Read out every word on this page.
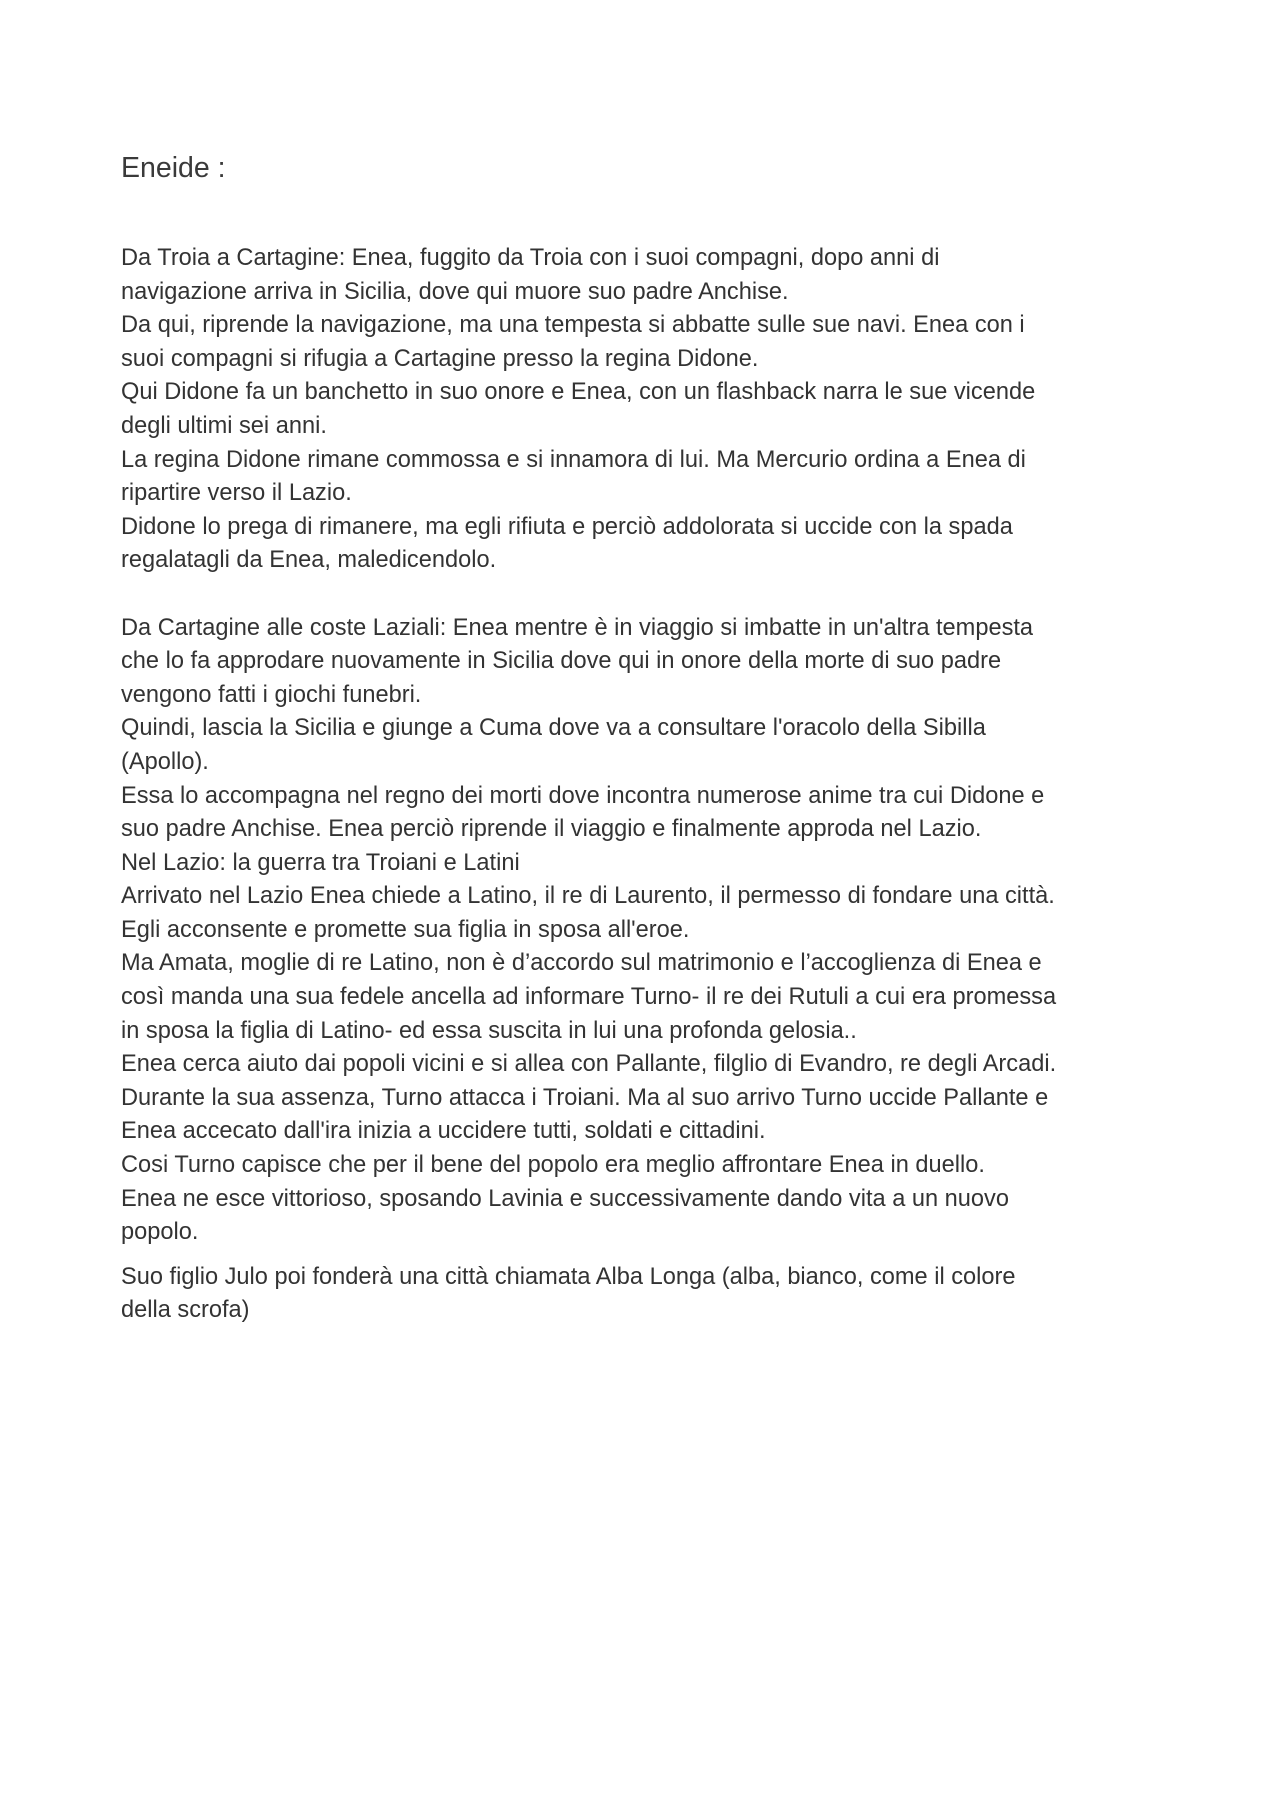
Eneide :
Da Troia a Cartagine: Enea, fuggito da Troia con i suoi compagni, dopo anni di
navigazione arriva in Sicilia, dove qui muore suo padre Anchise.
Da qui, riprende la navigazione, ma una tempesta si abbatte sulle sue navi. Enea con i
suoi compagni si rifugia a Cartagine presso la regina Didone.
Qui Didone fa un banchetto in suo onore e Enea, con un flashback narra le sue vicende
degli ultimi sei anni.
La regina Didone rimane commossa e si innamora di lui. Ma Mercurio ordina a Enea di
ripartire verso il Lazio.
Didone lo prega di rimanere, ma egli rifiuta e perciò addolorata si uccide con la spada
regalatagli da Enea, maledicendolo.
Da Cartagine alle coste Laziali: Enea mentre è in viaggio si imbatte in un'altra tempesta
che lo fa approdare nuovamente in Sicilia dove qui in onore della morte di suo padre
vengono fatti i giochi funebri.
Quindi, lascia la Sicilia e giunge a Cuma dove va a consultare l'oracolo della Sibilla
(Apollo).
Essa lo accompagna nel regno dei morti dove incontra numerose anime tra cui Didone e
suo padre Anchise. Enea perciò riprende il viaggio e finalmente approda nel Lazio.
Nel Lazio: la guerra tra Troiani e Latini
Arrivato nel Lazio Enea chiede a Latino, il re di Laurento, il permesso di fondare una città.
Egli acconsente e promette sua figlia in sposa all'eroe.
Ma Amata, moglie di re Latino, non è d’accordo sul matrimonio e l’accoglienza di Enea e
così manda una sua fedele ancella ad informare Turno- il re dei Rutuli a cui era promessa
in sposa la figlia di Latino- ed essa suscita in lui una profonda gelosia..
Enea cerca aiuto dai popoli vicini e si allea con Pallante, filglio di Evandro, re degli Arcadi.
Durante la sua assenza, Turno attacca i Troiani. Ma al suo arrivo Turno uccide Pallante e
Enea accecato dall'ira inizia a uccidere tutti, soldati e cittadini.
Cosi Turno capisce che per il bene del popolo era meglio affrontare Enea in duello.
Enea ne esce vittorioso, sposando Lavinia e successivamente dando vita a un nuovo
popolo.
Suo figlio Julo poi fonderà una città chiamata Alba Longa (alba, bianco, come il colore
della scrofa)
